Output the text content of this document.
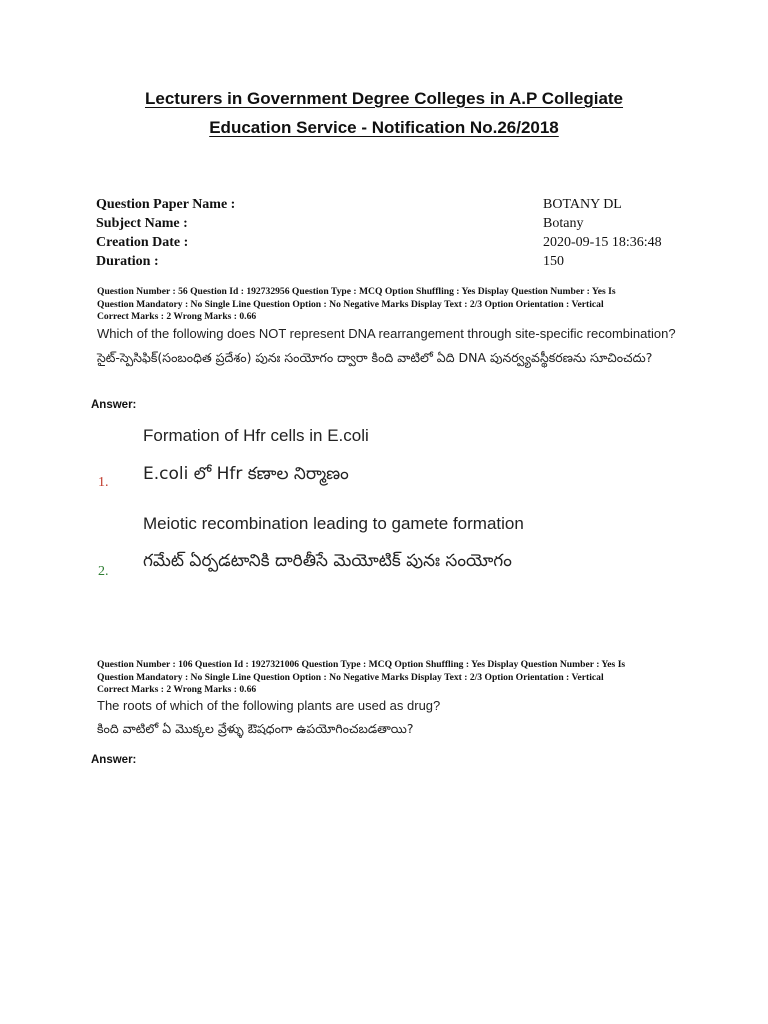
Lecturers in Government Degree Colleges in A.P Collegiate
Education Service - Notification No.26/2018
Question Paper Name :	BOTANY DL
Subject Name :	Botany
Creation Date :	2020-09-15 18:36:48
Duration :	150
Question Number : 56 Question Id : 192732956 Question Type : MCQ Option Shuffling : Yes Display Question Number : Yes Is
Question Mandatory : No Single Line Question Option : No Negative Marks Display Text : 2/3 Option Orientation : Vertical
Correct Marks : 2 Wrong Marks : 0.66
Which of the following does NOT represent DNA rearrangement through site-specific recombination?
సైట్-స్పెసిఫిక్(సంబంధిత ప్రదేశం) పునః సంయోగం ద్వారా కింది వాటిలో ఏది DNA పునర్వ్యవస్థీకరణను సూచించదు?
Answer:
Formation of Hfr cells in E.coli
1. E.coli లో Hfr కణాల నిర్మాణం
Meiotic recombination leading to gamete formation
2.
గమేట్ ఏర్పడటానికి దారితీసే మెయోటిక్ పునః సంయోగం
Question Number : 106 Question Id : 1927321006 Question Type : MCQ Option Shuffling : Yes Display Question Number : Yes Is
Question Mandatory : No Single Line Question Option : No Negative Marks Display Text : 2/3 Option Orientation : Vertical
Correct Marks : 2 Wrong Marks : 0.66
The roots of which of the following plants are used as drug?
కింది వాటిలో ఏ మొక్కల వ్రేళ్ళు ఔషధంగా ఉపయోగించబడతాయి?
Answer:
